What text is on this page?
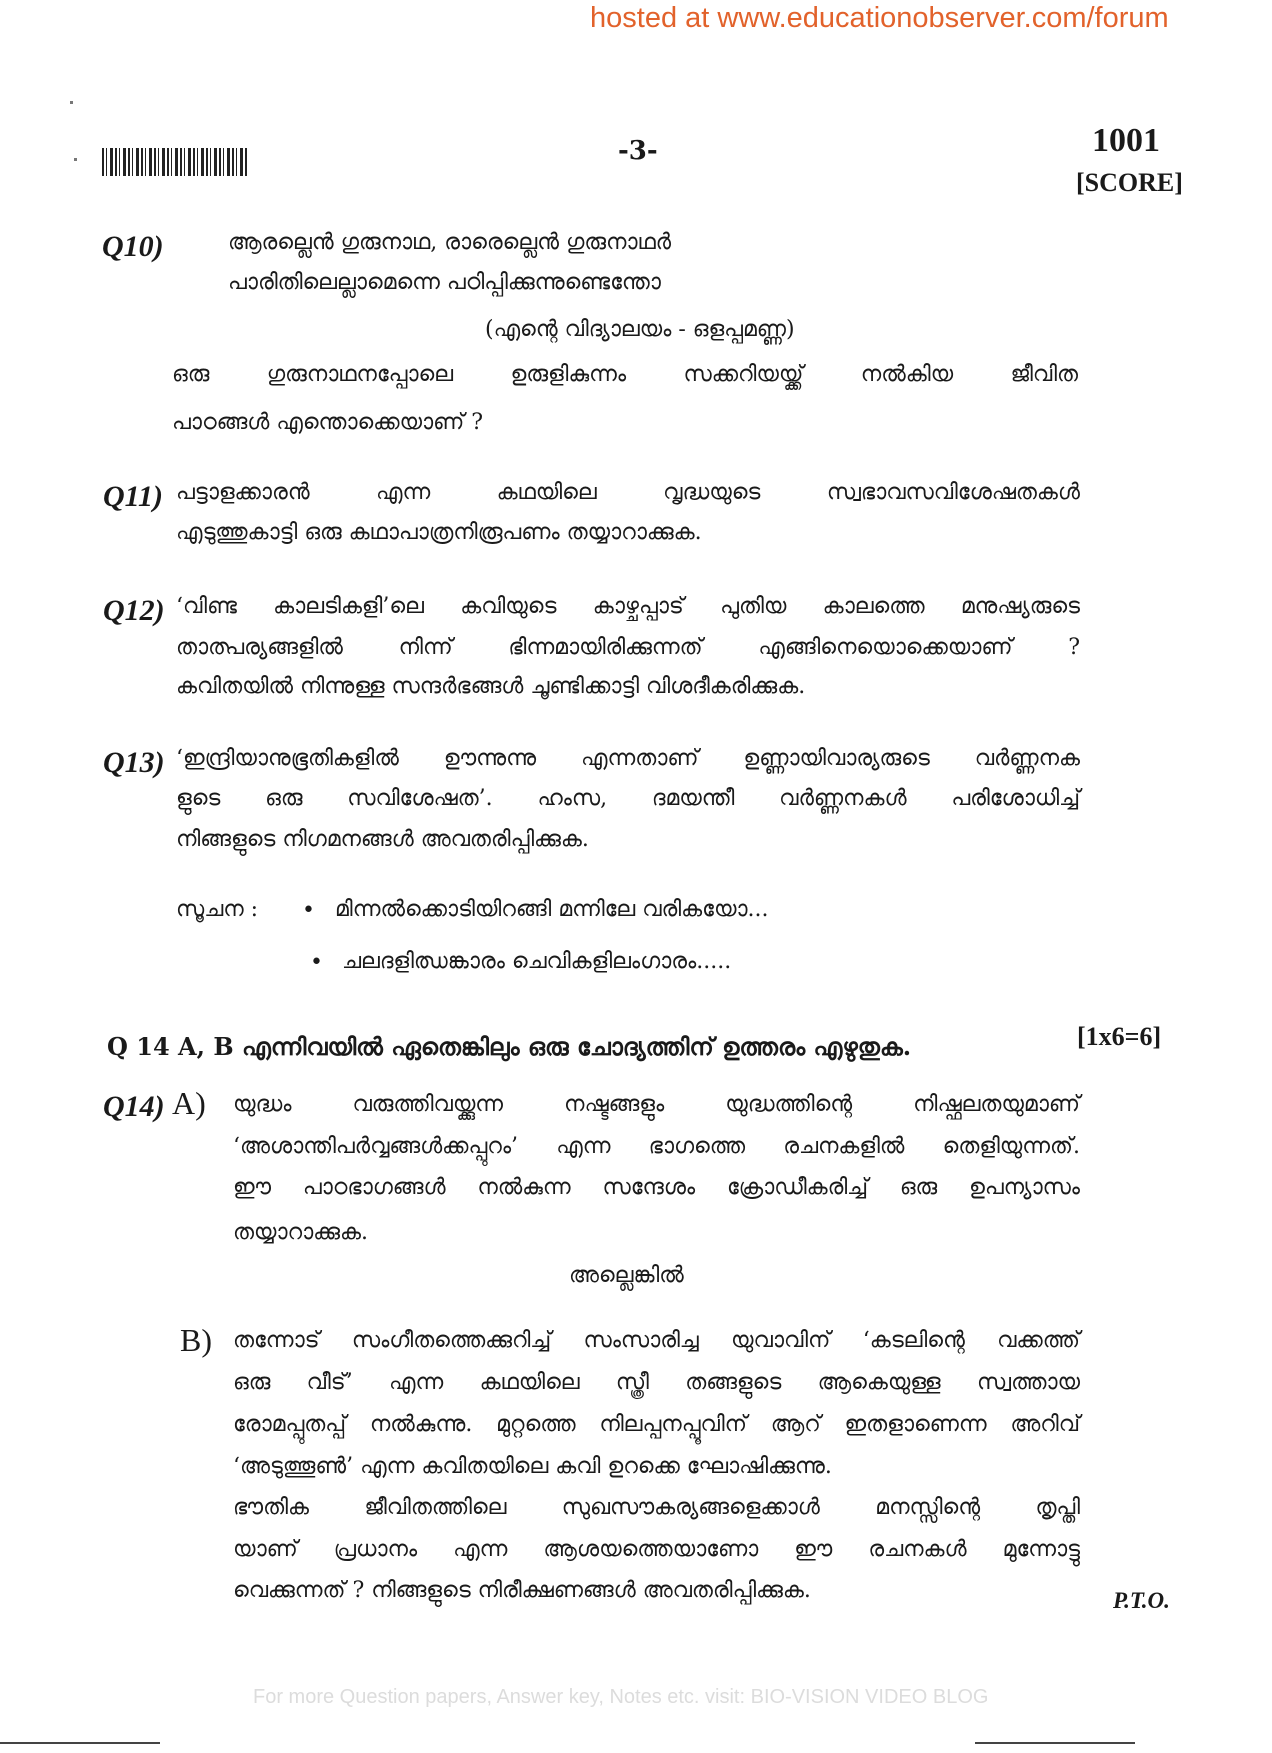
hosted at www.educationobserver.com/forum
-3-	1001
[SCORE]
Q10)	ആരല്ലെൻ ഗുരുനാഥ, രാരെല്ലെൻ ഗുരുനാഥർ
പാരിതിലെല്ലാമെന്നെ പഠിപ്പിക്കുന്നുണ്ടെന്തോ
(എന്റെ വിദ്യാലയം - ഒളപ്പമണ്ണ)
ഒരു ഗുരുനാഥനപ്പോലെ ഉരുളികുന്നം സക്കറിയയ്ക്ക് നൽകിയ ജീവിത
പാഠങ്ങൾ എന്തൊക്കെയാണ് ?
Q11) പട്ടാളക്കാരൻ എന്ന കഥയിലെ വൃദ്ധയുടെ സ്വഭാവസവിശേഷതകൾ
എടുത്തുകാട്ടി ഒരു കഥാപാത്രനിരൂപണം തയ്യാറാക്കുക.
Q12) ‘വിണ്ട കാലടികളി’ലെ കവിയുടെ കാഴ്ചപ്പാട് പുതിയ കാലത്തെ മനുഷ്യരുടെ
താത്പര്യങ്ങളിൽ നിന്ന് ഭിന്നമായിരിക്കുന്നത് എങ്ങിനെയൊക്കെയാണ് ?
കവിതയിൽ നിന്നുള്ള സന്ദർഭങ്ങൾ ചൂണ്ടിക്കാട്ടി വിശദീകരിക്കുക.
Q13) ‘ഇന്ദ്രിയാനുഭൂതികളിൽ ഊന്നുന്നു എന്നതാണ് ഉണ്ണായിവാര്യരുടെ വർണ്ണനക
ളുടെ ഒരു സവിശേഷത’. ഹംസ, ദമയന്തീ വർണ്ണനകൾ പരിശോധിച്ച്
നിങ്ങളുടെ നിഗമനങ്ങൾ അവതരിപ്പിക്കുക.
സൂചന : • മിന്നൽക്കൊടിയിറങ്ങി മന്നിലേ വരികയോ...
• ചലദളിഝങ്കാരം ചെവികളിലംഗാരം.....
Q 14 A, B എന്നിവയിൽ ഏതെങ്കിലും ഒരു ചോദ്യത്തിന് ഉത്തരം എഴുതുക.	[1x6=6]
Q14) A) യുദ്ധം വരുത്തിവയ്ക്കുന്ന നഷ്ടങ്ങളും യുദ്ധത്തിന്റെ നിഷ്ഫലതയുമാണ്
‘അശാന്തിപർവ്വങ്ങൾക്കപ്പുറം’ എന്ന ഭാഗത്തെ രചനകളിൽ തെളിയുന്നത്.
ഈ പാഠഭാഗങ്ങൾ നൽകുന്ന സന്ദേശം ക്രോഡീകരിച്ച് ഒരു ഉപന്യാസം
തയ്യാറാക്കുക.
അല്ലെങ്കിൽ
B) തന്നോട് സംഗീതത്തെക്കുറിച്ച് സംസാരിച്ച യുവാവിന് ‘കടലിന്റെ വക്കത്ത്
ഒരു വീട്’ എന്ന കഥയിലെ സ്ത്രീ തങ്ങളുടെ ആകെയുള്ള സ്വത്തായ
രോമപ്പുതപ്പ് നൽകുന്നു. മുറ്റത്തെ നിലപ്പനപ്പൂവിന് ആറ് ഇതളാണെന്ന അറിവ്
‘അടുത്തൂൺ’ എന്ന കവിതയിലെ കവി ഉറക്കെ ഘോഷിക്കുന്നു.
ഭൗതിക ജീവിതത്തിലെ സുഖസൗകര്യങ്ങളെക്കാൾ മനസ്സിന്റെ തൃപ്തി
യാണ് പ്രധാനം എന്ന ആശയത്തെയാണോ ഈ രചനകൾ മുന്നോട്ടു
വെക്കുന്നത് ? നിങ്ങളുടെ നിരീക്ഷണങ്ങൾ അവതരിപ്പിക്കുക.	P.T.O.
For more Question papers, Answer key, Notes etc. visit: BIO-VISION VIDEO BLOG
